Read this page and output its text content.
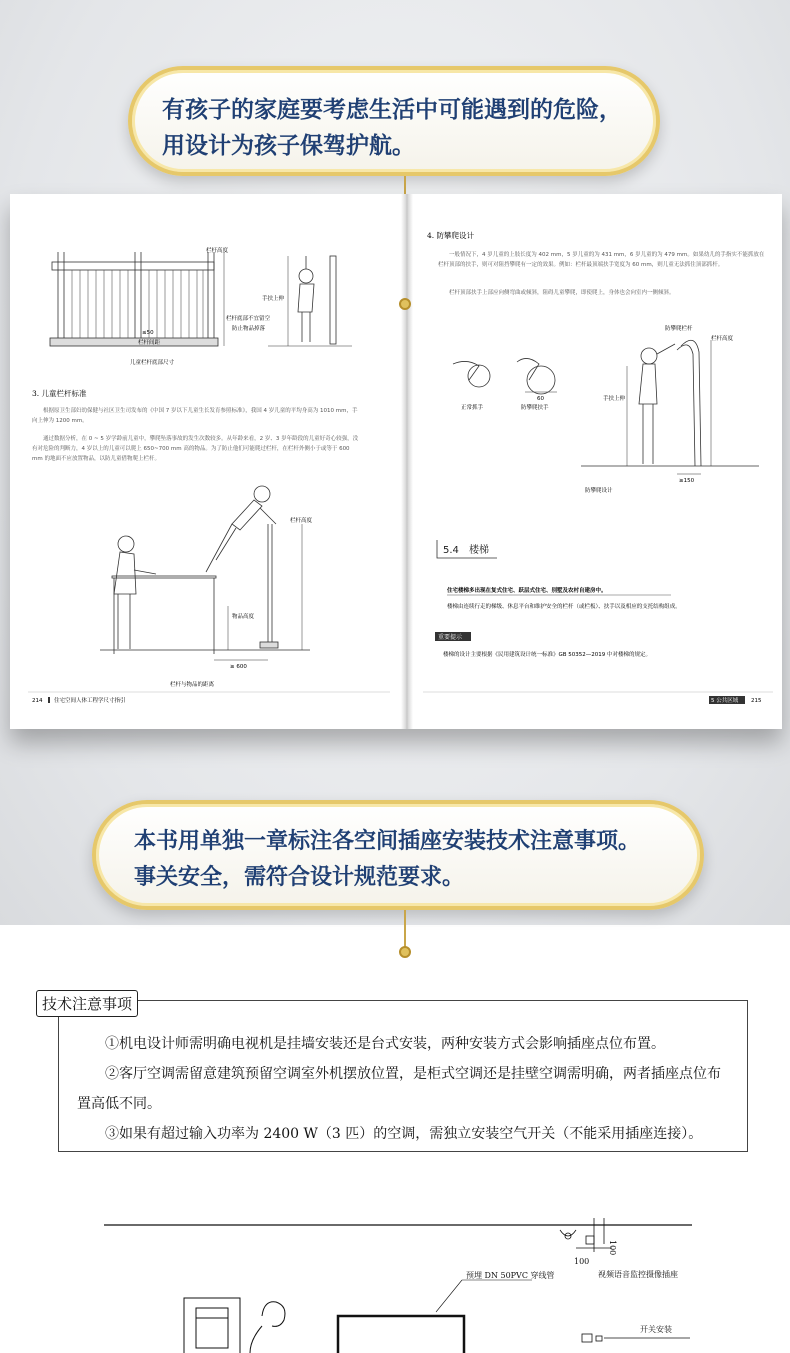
有孩子的家庭要考虑生活中可能遇到的危险，
用设计为孩子保驾护航。
栏杆高度
栏杆底部不宜留空
防止物品掉落
≤50
栏杆间距
手扶上伸
儿童栏杆底部尺寸
3. 儿童栏杆标准
栏杆高度
物品高度
≥ 600
栏杆与物品的距离
214 住宅空间人体工程学尺寸指引
根据原卫生部妇幼保健与社区卫生司发布的《中国 7 岁以下儿童生长发育参照标准》，我国 4 岁儿童的平均身高为 1010 mm，手向上伸为 1200 mm。
通过数据分析，在 0 ~ 5 岁学龄前儿童中，攀爬坠落事故的发生次数较多。从年龄来看，2 岁、3 岁年龄段的儿童好奇心较强，没有对危险的判断力，4 岁以上的儿童可以爬上 650~700 mm 高的物品。为了防止他们可能爬过栏杆，在栏杆外侧小于或等于 600 mm 的地面不应放置物品，以防儿童借物爬上栏杆。
4. 防攀爬设计
60
正常抓手	防攀爬扶手
防攀爬栏杆
栏杆高度
手扶上伸
≥150
防攀爬设计
5.4 楼梯
住宅楼梯多出现在复式住宅、跃层式住宅、别墅及农村自建房中。
楼梯由连续行走的梯级、休息平台和维护安全的栏杆（或栏板）、扶手以及相应的支托结构组成。
重要提示
楼梯的设计主要根据《民用建筑设计统一标准》GB 50352—2019 中对楼梯的规定。
5 公共区域 215
一般情况下，4 岁儿童的上肢长度为 402 mm，5 岁儿童的为 431 mm，6 岁儿童的为 479 mm。如果幼儿的手指实不能抓放在栏杆顶部的扶手，则可对阻挡攀爬有一定的效果。例如：栏杆最顶端扶手宽度为 60 mm，则儿童无法抓住顶部抓杆。
栏杆顶部扶手上部应向侧弯曲或倾斜，阻碍儿童攀爬，即使爬上，身体也会向室内一侧倾斜。
本书用单独一章标注各空间插座安装技术注意事项。
事关安全，需符合设计规范要求。
技术注意事项

①机电设计师需明确电视机是挂墙安装还是台式安装，两种安装方式会影响插座点位布置。

②客厅空调需留意建筑预留空调室外机摆放位置，是柜式空调还是挂壁空调需明确，两者插座点位布置高低不同。

③如果有超过输入功率为 2400 W（3 匹）的空调，需独立安装空气开关（不能采用插座连接）。

100
100
视频语音监控摄像插座
预埋 DN 50PVC 穿线管
开关安装
